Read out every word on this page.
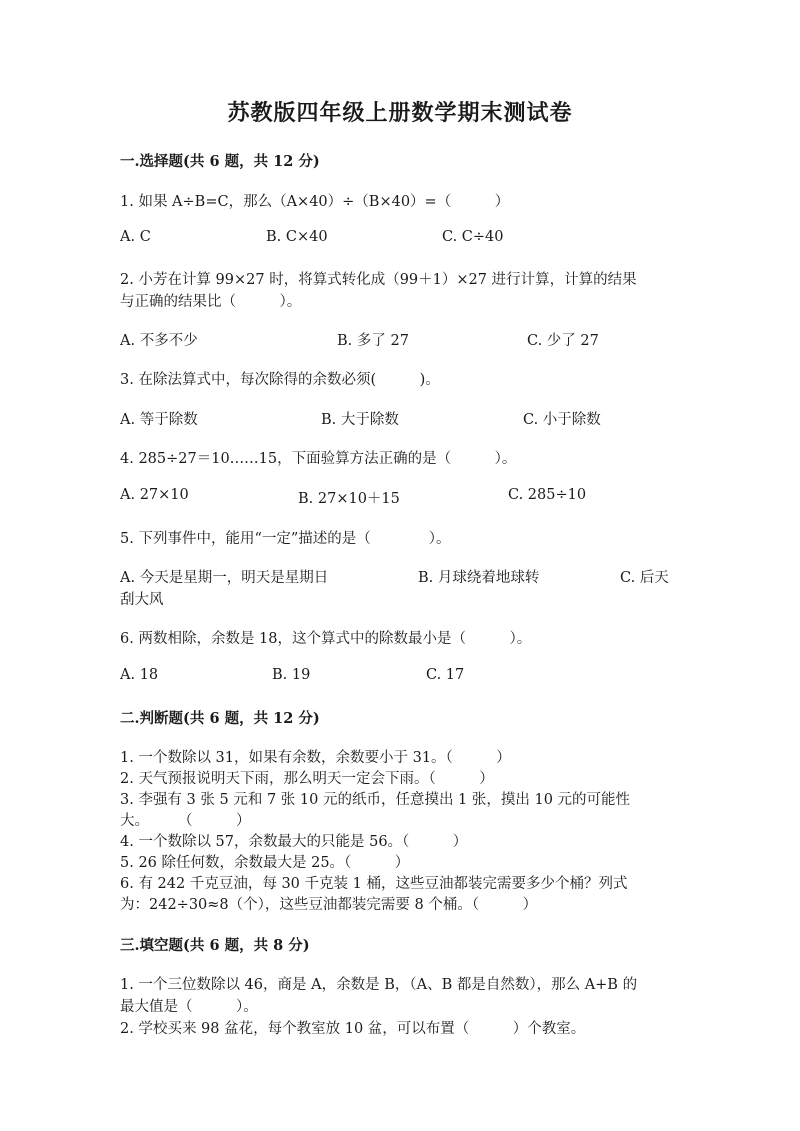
苏教版四年级上册数学期末测试卷
一.选择题(共 6 题，共 12 分)
1. 如果 A÷B=C，那么（A×40）÷（B×40）=（　　　）
A. C	B. C×40	C. C÷40
2. 小芳在计算 99×27 时，将算式转化成（99＋1）×27 进行计算，计算的结果
与正确的结果比（　　　）。
A. 不多不少	B. 多了 27	C. 少了 27
3. 在除法算式中，每次除得的余数必须(　　　)。
A. 等于除数	B. 大于除数	C. 小于除数
4. 285÷27＝10……15，下面验算方法正确的是（　　　）。
A. 27×10	B. 27×10＋15	C. 285÷10
5. 下列事件中，能用“一定”描述的是（　　　　）。
A. 今天是星期一，明天是星期日	B. 月球绕着地球转	C. 后天
刮大风
6. 两数相除，余数是 18，这个算式中的除数最小是（　　　）。
A. 18	B. 19	C. 17
二.判断题(共 6 题，共 12 分)
1. 一个数除以 31，如果有余数，余数要小于 31。（　　　）
2. 天气预报说明天下雨，那么明天一定会下雨。（　　　）
3. 李强有 3 张 5 元和 7 张 10 元的纸币，任意摸出 1 张，摸出 10 元的可能性
大。　　　（　　　）
4. 一个数除以 57，余数最大的只能是 56。（　　　）
5. 26 除任何数，余数最大是 25。（　　　）
6. 有 242 千克豆油，每 30 千克装 1 桶，这些豆油都装完需要多少个桶？列式
为：242÷30≈8（个），这些豆油都装完需要 8 个桶。（　　　）
三.填空题(共 6 题，共 8 分)
1. 一个三位数除以 46，商是 A，余数是 B，（A、B 都是自然数），那么 A+B 的
最大值是（　　　）。
2. 学校买来 98 盆花，每个教室放 10 盆，可以布置（　　　）个教室。
